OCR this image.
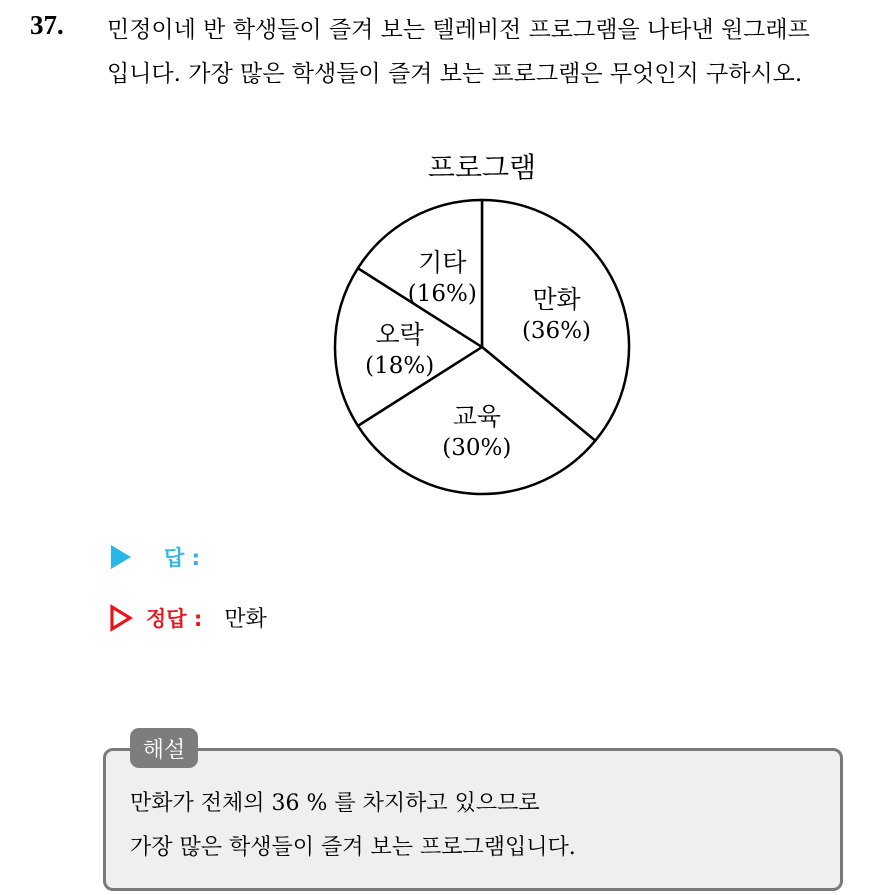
37. 민정이네 반 학생들이 즐겨 보는 텔레비전 프로그램을 나타낸 원그래프
입니다. 가장 많은 학생들이 즐겨 보는 프로그램은 무엇인지 구하시오.
프로그램
만화
(36%)
교육
(30%)
오락
(18%)
기타
(16%)
답 :
정답 : 만화
해설
만화가 전체의 36 % 를 차지하고 있으므로
가장 많은 학생들이 즐겨 보는 프로그램입니다.
